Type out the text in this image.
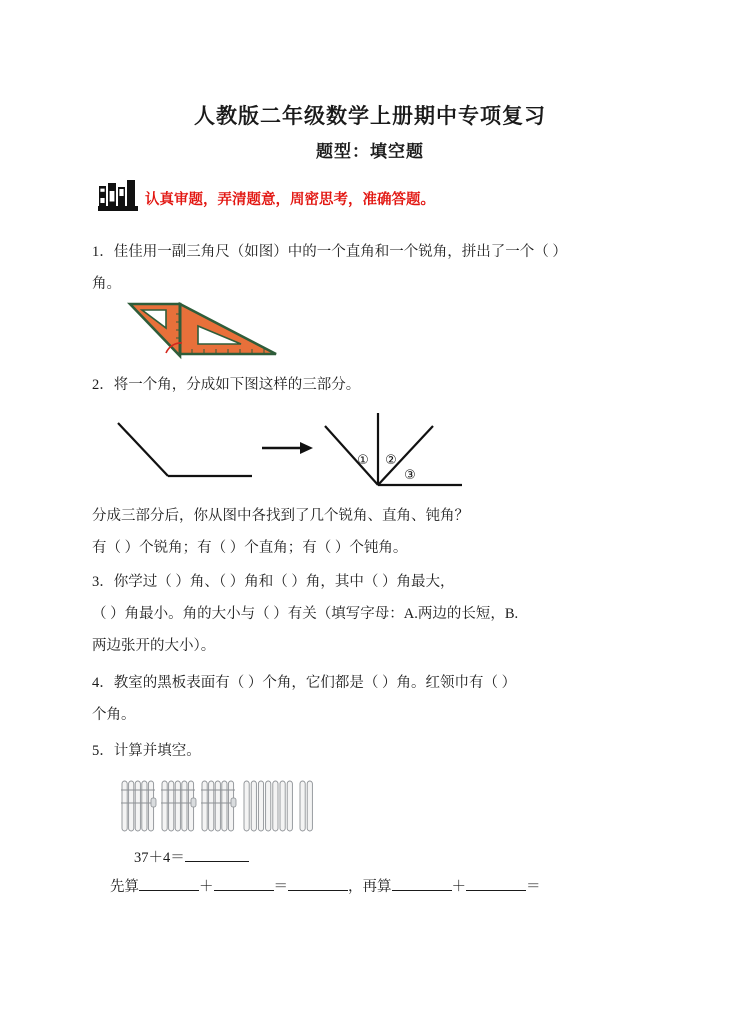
人教版二年级数学上册期中专项复习
题型：填空题
认真审题，弄清题意，周密思考，准确答题。

1．佳佳用一副三角尺（如图）中的一个直角和一个锐角，拼出了一个（ ）

角。

2．将一个角，分成如下图这样的三部分。

① ②
③

分成三部分后，你从图中各找到了几个锐角、直角、钝角？

有（ ）个锐角；有（ ）个直角；有（ ）个钝角。

3．你学过（ ）角、（ ）角和（ ）角，其中（ ）角最大，

（ ）角最小。角的大小与（ ）有关（填写字母：A.两边的长短，B.

两边张开的大小）。

4．教室的黑板表面有（ ）个角，它们都是（ ）角。红领巾有（ ）

个角。

5．计算并填空。

37＋4＝
先算	＋	＝	，再算	＋	＝
